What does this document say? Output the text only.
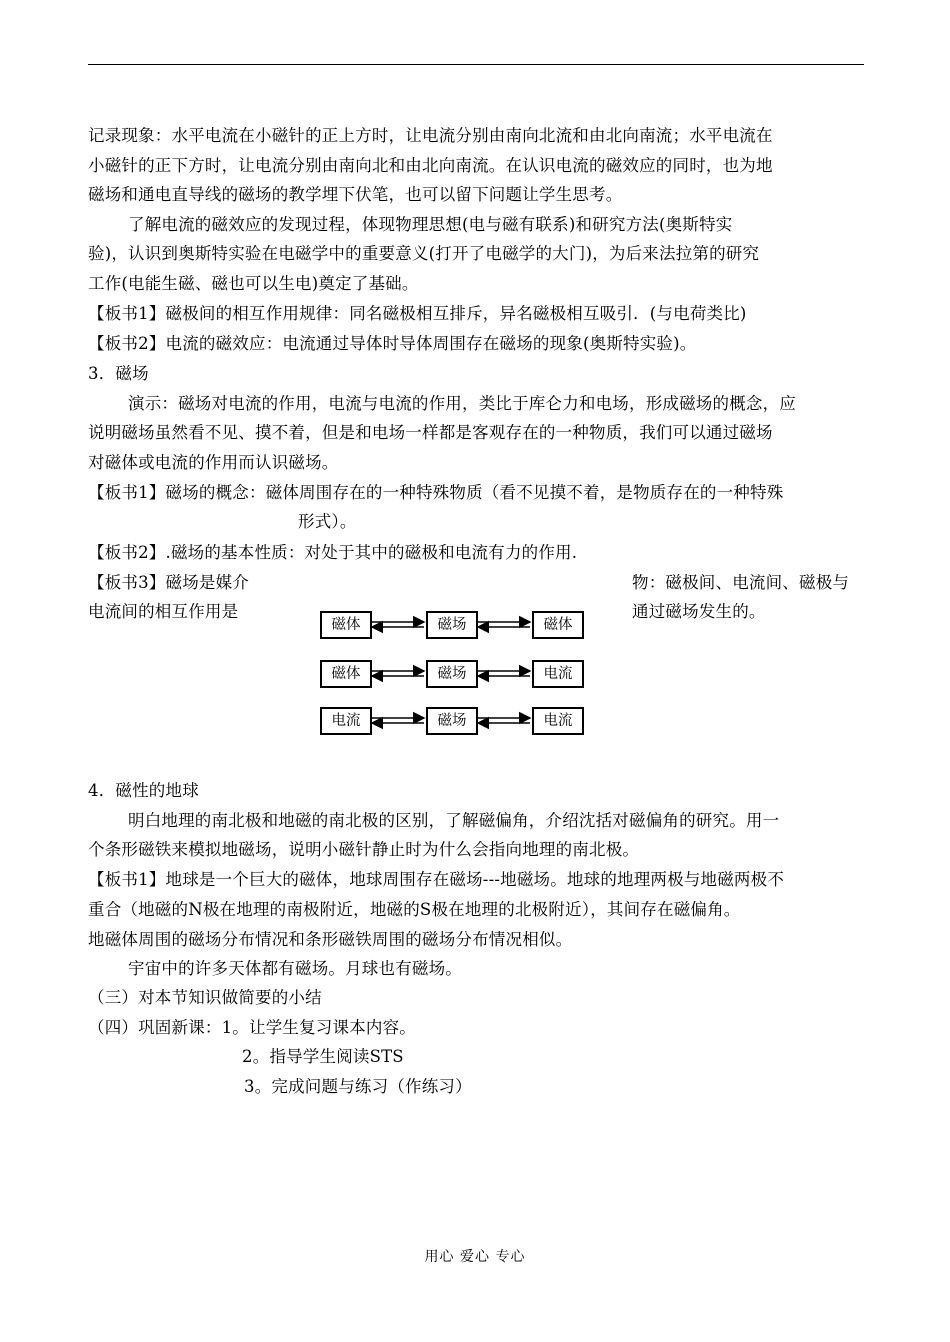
记录现象：水平电流在小磁针的正上方时，让电流分别由南向北流和由北向南流；水平电流在
小磁针的正下方时，让电流分别由南向北和由北向南流。在认识电流的磁效应的同时，也为地
磁场和通电直导线的磁场的教学埋下伏笔，也可以留下问题让学生思考。
了解电流的磁效应的发现过程，体现物理思想(电与磁有联系)和研究方法(奥斯特实
验)，认识到奥斯特实验在电磁学中的重要意义(打开了电磁学的大门)，为后来法拉第的研究
工作(电能生磁、磁也可以生电)奠定了基础。
【板书1】磁极间的相互作用规律：同名磁极相互排斥，异名磁极相互吸引．(与电荷类比)
【板书2】电流的磁效应：电流通过导体时导体周围存在磁场的现象(奥斯特实验)。
3．磁场
演示：磁场对电流的作用，电流与电流的作用，类比于库仑力和电场，形成磁场的概念，应
说明磁场虽然看不见、摸不着，但是和电场一样都是客观存在的一种物质，我们可以通过磁场
对磁体或电流的作用而认识磁场。
【板书1】磁场的概念：磁体周围存在的一种特殊物质（看不见摸不着，是物质存在的一种特殊
形式）。
【板书2】.磁场的基本性质：对处于其中的磁极和电流有力的作用.
【板书3】磁场是媒介
电流间的相互作用是
物：磁极间、电流间、磁极与
通过磁场发生的。
磁体	磁场	磁体
磁体	磁场	电流
电流	磁场	电流
4．磁性的地球
明白地理的南北极和地磁的南北极的区别，了解磁偏角，介绍沈括对磁偏角的研究。用一
个条形磁铁来模拟地磁场，说明小磁针静止时为什么会指向地理的南北极。
【板书1】地球是一个巨大的磁体，地球周围存在磁场---地磁场。地球的地理两极与地磁两极不
重合（地磁的N极在地理的南极附近，地磁的S极在地理的北极附近），其间存在磁偏角。
地磁体周围的磁场分布情况和条形磁铁周围的磁场分布情况相似。
宇宙中的许多天体都有磁场。月球也有磁场。
（三）对本节知识做简要的小结
（四）巩固新课：1。让学生复习课本内容。
2。指导学生阅读STS
3。完成问题与练习（作练习）
用心 爱心 专心
